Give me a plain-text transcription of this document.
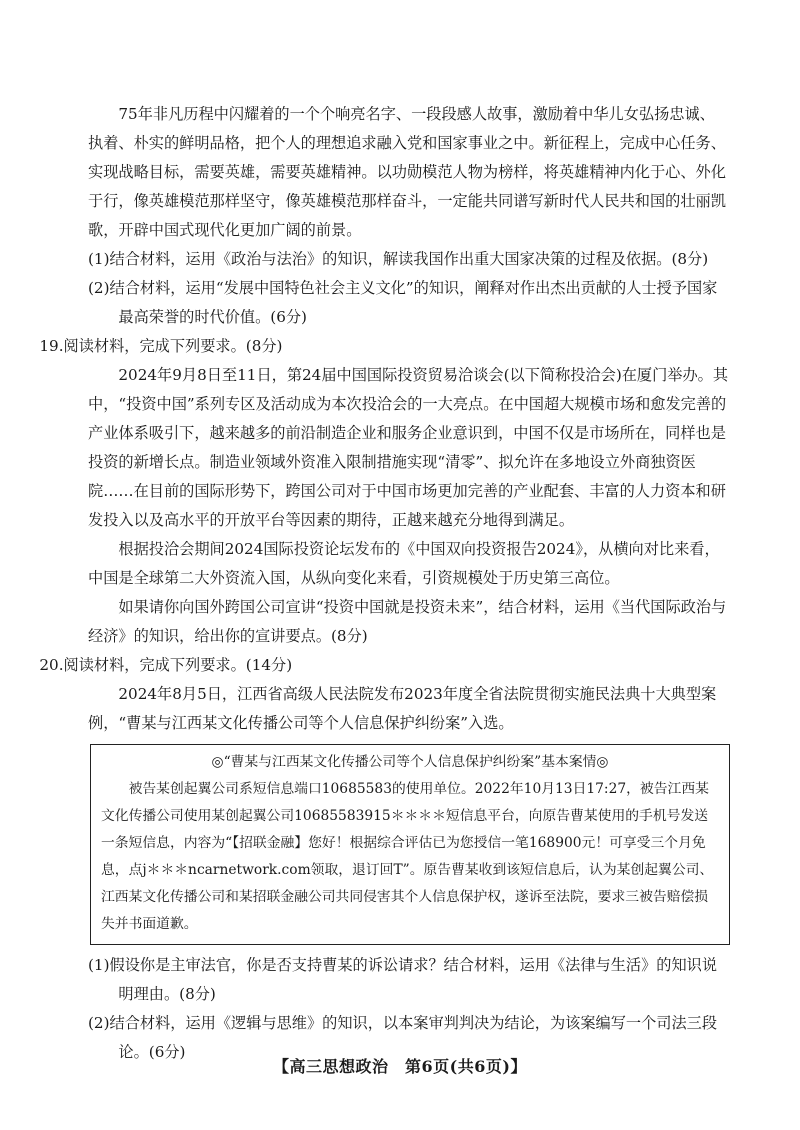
75年非凡历程中闪耀着的一个个响亮名字、一段段感人故事，激励着中华儿女弘扬忠诚、执着、朴实的鲜明品格，把个人的理想追求融入党和国家事业之中。新征程上，完成中心任务、实现战略目标，需要英雄，需要英雄精神。以功勋模范人物为榜样，将英雄精神内化于心、外化于行，像英雄模范那样坚守，像英雄模范那样奋斗，一定能共同谱写新时代人民共和国的壮丽凯歌，开辟中国式现代化更加广阔的前景。

(1)结合材料，运用《政治与法治》的知识，解读我国作出重大国家决策的过程及依据。(8分)

(2)结合材料，运用“发展中国特色社会主义文化”的知识，阐释对作出杰出贡献的人士授予国家最高荣誉的时代价值。(6分)

19.阅读材料，完成下列要求。(8分)

2024年9月8日至11日，第24届中国国际投资贸易洽谈会(以下简称投洽会)在厦门举办。其中，“投资中国”系列专区及活动成为本次投洽会的一大亮点。在中国超大规模市场和愈发完善的产业体系吸引下，越来越多的前沿制造企业和服务企业意识到，中国不仅是市场所在，同样也是投资的新增长点。制造业领域外资准入限制措施实现“清零”、拟允许在多地设立外商独资医院……在目前的国际形势下，跨国公司对于中国市场更加完善的产业配套、丰富的人力资本和研发投入以及高水平的开放平台等因素的期待，正越来越充分地得到满足。

根据投洽会期间2024国际投资论坛发布的《中国双向投资报告2024》，从横向对比来看，中国是全球第二大外资流入国，从纵向变化来看，引资规模处于历史第三高位。

如果请你向国外跨国公司宣讲“投资中国就是投资未来”，结合材料，运用《当代国际政治与经济》的知识，给出你的宣讲要点。(8分)

20.阅读材料，完成下列要求。(14分)

2024年8月5日，江西省高级人民法院发布2023年度全省法院贯彻实施民法典十大典型案例，“曹某与江西某文化传播公司等个人信息保护纠纷案”入选。

◎“曹某与江西某文化传播公司等个人信息保护纠纷案”基本案情◎
被告某创起翼公司系短信息端口10685583的使用单位。2022年10月13日17:27，被告江西某文化传播公司使用某创起翼公司10685583915＊＊＊＊短信息平台，向原告曹某使用的手机号发送一条短信息，内容为“【招联金融】您好！根据综合评估已为您授信一笔168900元！可享受三个月免息，点j＊＊＊ncarnetwork.com领取，退订回T”。原告曹某收到该短信息后，认为某创起翼公司、江西某文化传播公司和某招联金融公司共同侵害其个人信息保护权，遂诉至法院，要求三被告赔偿损失并书面道歉。

(1)假设你是主审法官，你是否支持曹某的诉讼请求？结合材料，运用《法律与生活》的知识说明理由。(8分)

(2)结合材料，运用《逻辑与思维》的知识，以本案审判判决为结论，为该案编写一个司法三段论。(6分)

【高三思想政治　第6页(共6页)】
